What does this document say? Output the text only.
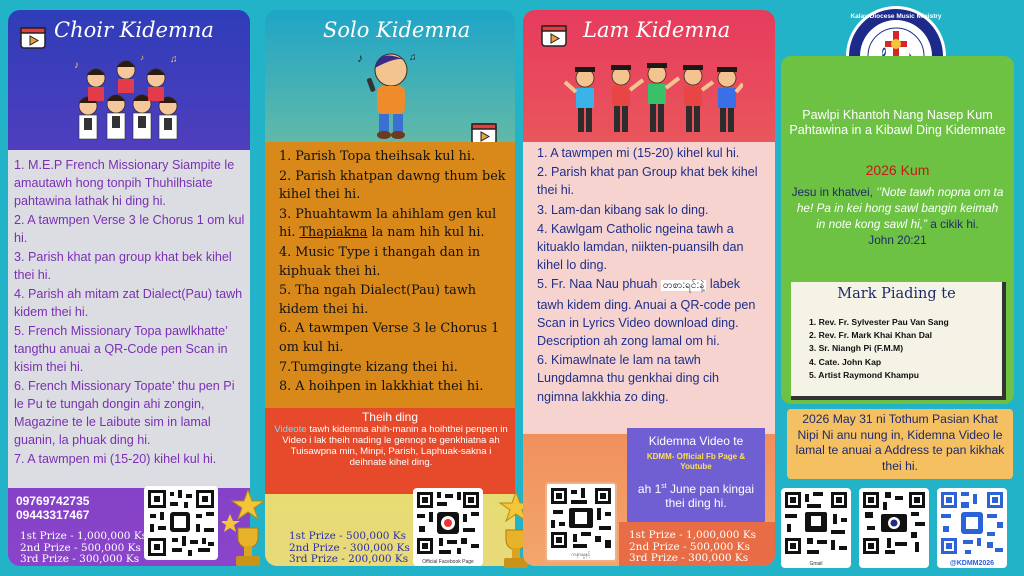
Choir Kidemna
♪
♫
♪
1. M.E.P French Missionary Siampite le amautawh hong tonpih Thuhilhsiate pahtawina lathak hi ding hi.
2. A tawmpen Verse 3 le Chorus 1 om kul hi.
3. Parish khat pan group khat bek kihel thei hi.
4. Parish ah mitam zat Dialect(Pau) tawh kidem thei hi.
5. French Missionary Topa pawlkhatte’ tangthu anuai a QR-Code pen Scan in kisim thei hi.
6. French Missionary Topate’ thu pen Pi le Pu te tungah dongin ahi zongin, Magazine te le Laibute sim in lamal guanin, la phuak ding hi.
7. A tawmpen mi (15-20) kihel kul hi.
09769742735
09443317467
1st Prize - 1,000,000 Ks
2nd Prize - 500,000 Ks
3rd Prize - 300,000 Ks
Solo Kidemna
♪	♫
1. Parish Topa theihsak kul hi.
2. Parish khatpan dawng thum bek kihel thei hi.
3. Phuahtawm la ahihlam gen kul hi. Thapiakna la nam hih kul hi.
4. Music Type i thangah dan in kiphuak thei hi.
5. Tha ngah Dialect(Pau) tawh kidem thei hi.
6. A tawmpen Verse 3 le Chorus 1 om kul hi.
7.Tumgingte kizang thei hi.
8. A hoihpen in lakkhiat thei hi.
Theih ding
Videote tawh kidemna ahih-manin a hoihthei penpen in Video i lak theih nading le gennop te genkhiatna ah Tuisawpna min, Minpi, Parish, Laphuak-sakna i deihnate kihel ding.
Official Facebook Page
1st Prize - 500,000 Ks
2nd Prize - 300,000 Ks
3rd Prize - 200,000 Ks
Lam Kidemna
1. A tawmpen mi (15-20) kihel kul hi.
2. Parish khat pan Group khat bek kihel thei hi.
3. Lam-dan kibang sak lo ding.
4. Kawlgam Catholic ngeina tawh a kituaklo lamdan, niikten-puansilh dan kihel lo ding.
5. Fr. Naa Nau phuah တစာ:ရင်:နဲ့ labek tawh kidem ding. Anuai a QR-code pen Scan in Lyrics Video download ding. Description ah zong lamal om hi.
6. Kimawlnate le lam na tawh Lungdamna thu genkhai ding cih ngimna lakkhia zo ding.
Kidemna Video te
KDMM- Official Fb Page & Youtube
ah 1st June pan kingai thei ding hi.
ကနားမှုနင့်
1st Prize - 1,000,000 Ks
2nd Prize - 500,000 Ks
3rd Prize - 300,000 Ks
Kalay Diocese Music Ministry
Pawlpi Khantoh Nang Nasep Kum Pahtawina in a Kibawl Ding Kidemnate
2026 Kum
Jesu in khatvei, ‘’Note tawh nopna om ta he! Pa in kei hong sawl bangin keimah in note kong sawl hi,” a cikik hi.
John 20:21
Mark Piading te
1. Rev. Fr. Sylvester Pau Van Sang
2. Rev. Fr. Mark Khai Khan Dal
3. Sr. Niangh Pi (F.M.M)
4. Cate. John Kap
5. Artist Raymond Khampu
2026 May 31 ni Tothum Pasian Khat Nipi Ni anu nung in, Kidemna Video le lamal te anuai a Address te pan kikhak thei hi.
Gmail	@KDMM2026
